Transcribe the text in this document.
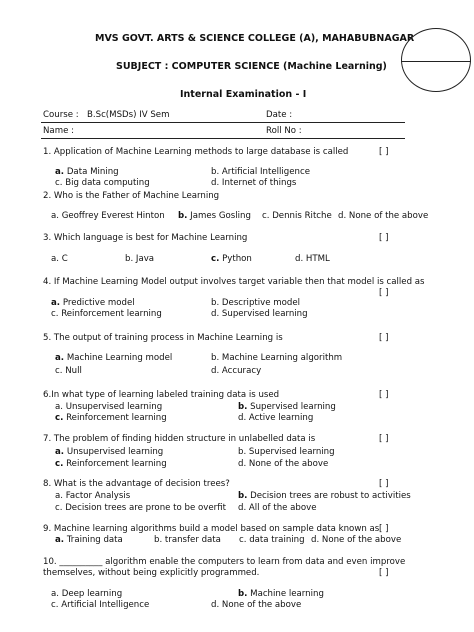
MVS GOVT. ARTS & SCIENCE COLLEGE (A), MAHABUBNAGAR
SUBJECT : COMPUTER SCIENCE (Machine Learning)
Internal Examination - I
Course : B.Sc(MSDs) IV Sem	Date :
Name :	Roll No :
1. Application of Machine Learning methods to large database is called	[ ]
a. Data Mining	b. Artificial Intelligence
c. Big data computing	d. Internet of things
2. Who is the Father of Machine Learning
a. Geoffrey Everest Hinton b. James Gosling c. Dennis Ritche d. None of the above
3. Which language is best for Machine Learning	[ ]
a. C	b. Java	c. Python	d. HTML
4. If Machine Learning Model output involves target variable then that model is called as
[ ]
a. Predictive model	b. Descriptive model
c. Reinforcement learning	d. Supervised learning
5. The output of training process in Machine Learning is	[ ]
a. Machine Learning model	b. Machine Learning algorithm
c. Null	d. Accuracy
6.In what type of learning labeled training data is used	[ ]
a. Unsupervised learning	b. Supervised learning
c. Reinforcement learning	d. Active learning
7. The problem of finding hidden structure in unlabelled data is	[ ]
a. Unsupervised learning	b. Supervised learning
c. Reinforcement learning	d. None of the above
8. What is the advantage of decision trees?	[ ]
a. Factor Analysis	b. Decision trees are robust to activities
c. Decision trees are prone to be overfit d. All of the above
9. Machine learning algorithms build a model based on sample data known as [ ]
a. Training data	b. transfer data c. data training d. None of the above
10. __________ algorithm enable the computers to learn from data and even improve
themselves, without being explicitly programmed.	[ ]
a. Deep learning	b. Machine learning
c. Artificial Intelligence	d. None of the above
